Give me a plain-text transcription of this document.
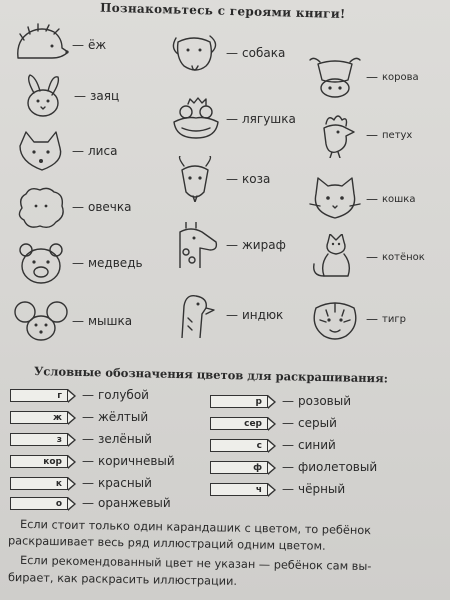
Познакомьтесь с героями книги!
— ёж
— заяц
— лиса
— овечка
— медведь
— мышка
— собака
— лягушка
— коза
— жираф
— индюк
— корова
— петух
— кошка
— котёнок
— тигр
Условные обозначения цветов для раскрашивания:
г	— голубой
ж	— жёлтый
з	— зелёный
кор	— коричневый
к	— красный
о	— оранжевый
р	— розовый
сер	— серый
с	— синий
ф	— фиолетовый
ч	— чёрный
Если стоит только один карандашик с цветом, то ребёнок
раскрашивает весь ряд иллюстраций одним цветом.
Если рекомендованный цвет не указан — ребёнок сам вы-
бирает, как раскрасить иллюстрации.
